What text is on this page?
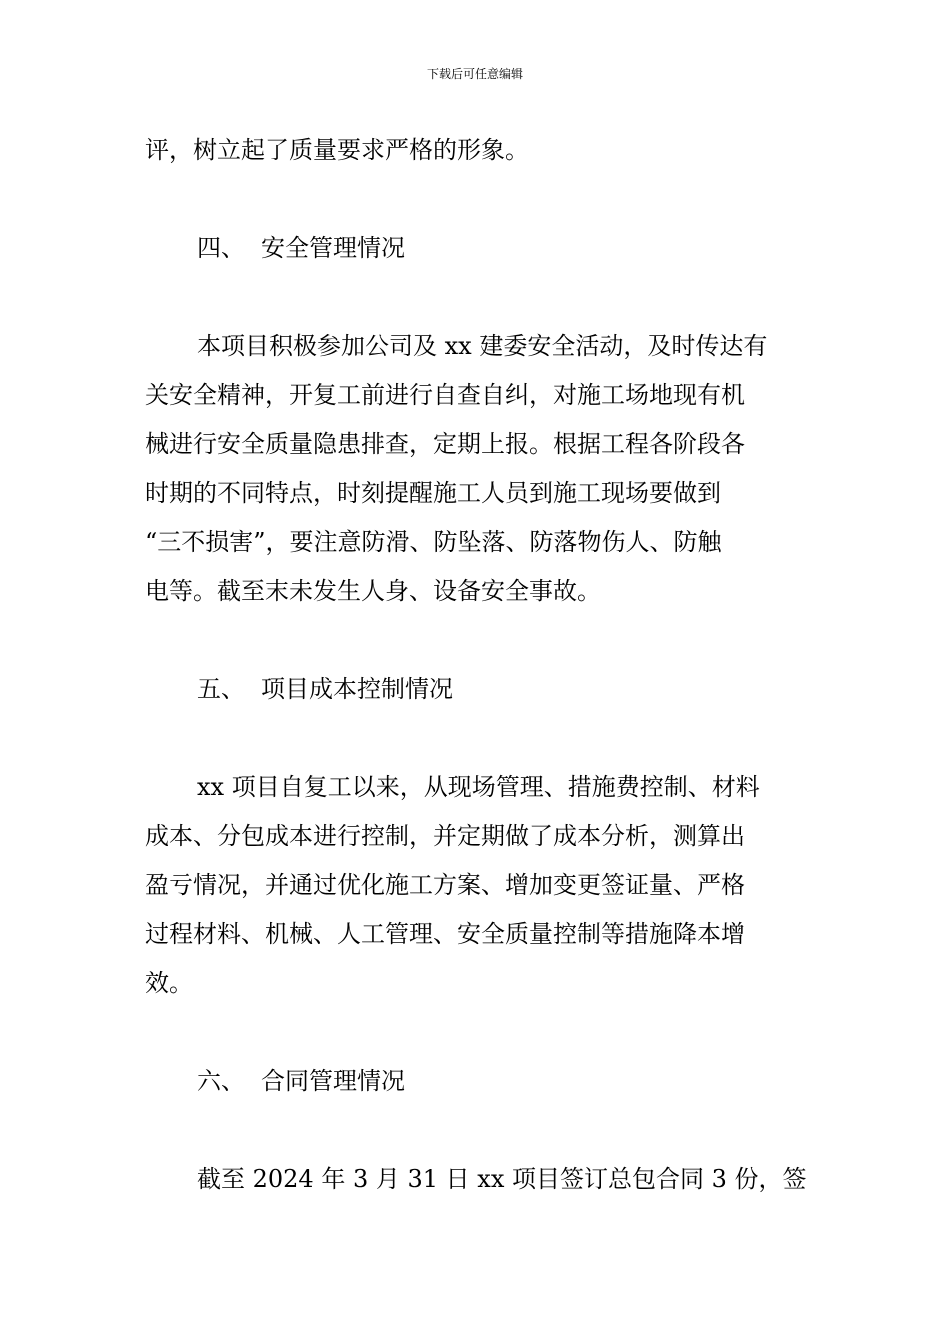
下载后可任意编辑
评，树立起了质量要求严格的形象。
四、 安全管理情况
本项目积极参加公司及 xx 建委安全活动，及时传达有
关安全精神，开复工前进行自查自纠，对施工场地现有机
械进行安全质量隐患排查，定期上报。根据工程各阶段各
时期的不同特点，时刻提醒施工人员到施工现场要做到
“三不损害”，要注意防滑、防坠落、防落物伤人、防触
电等。截至末未发生人身、设备安全事故。
五、 项目成本控制情况
xx 项目自复工以来，从现场管理、措施费控制、材料
成本、分包成本进行控制，并定期做了成本分析，测算出
盈亏情况，并通过优化施工方案、增加变更签证量、严格
过程材料、机械、人工管理、安全质量控制等措施降本增
效。
六、 合同管理情况
截至 2024 年 3 月 31 日 xx 项目签订总包合同 3 份，签
